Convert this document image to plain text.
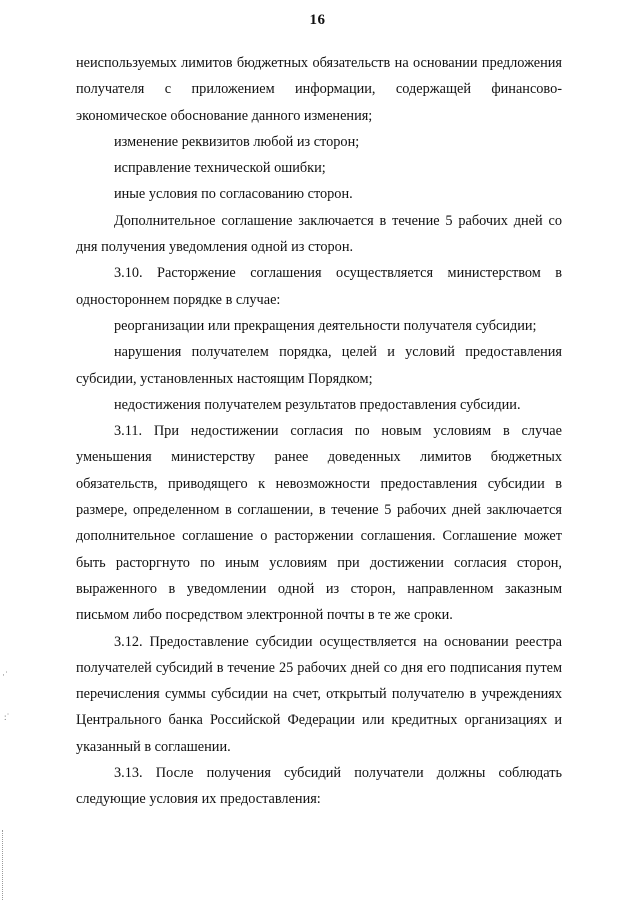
16

неиспользуемых лимитов бюджетных обязательств на основании предложения получателя с приложением информации, содержащей финансово-экономическое обоснование данного изменения;

изменение реквизитов любой из сторон;

исправление технической ошибки;

иные условия по согласованию сторон.

Дополнительное соглашение заключается в течение 5 рабочих дней со дня получения уведомления одной из сторон.

3.10. Расторжение соглашения осуществляется министерством в одностороннем порядке в случае:

реорганизации или прекращения деятельности получателя субсидии;

нарушения получателем порядка, целей и условий предоставления субсидии, установленных настоящим Порядком;

недостижения получателем результатов предоставления субсидии.

3.11. При недостижении согласия по новым условиям в случае уменьшения министерству ранее доведенных лимитов бюджетных обязательств, приводящего к невозможности предоставления субсидии в размере, определенном в соглашении, в течение 5 рабочих дней заключается дополнительное соглашение о расторжении соглашения. Соглашение может быть расторгнуто по иным условиям при достижении согласия сторон, выраженного в уведомлении одной из сторон, направленном заказным письмом либо посредством электронной почты в те же сроки.

3.12. Предоставление субсидии осуществляется на основании реестра получателей субсидий в течение 25 рабочих дней со дня его подписания путем перечисления суммы субсидии на счет, открытый получателю в учреждениях Центрального банка Российской Федерации или кредитных организациях и указанный в соглашении.

3.13. После получения субсидий получатели должны соблюдать следующие условия их предоставления:

·˙
:˙
